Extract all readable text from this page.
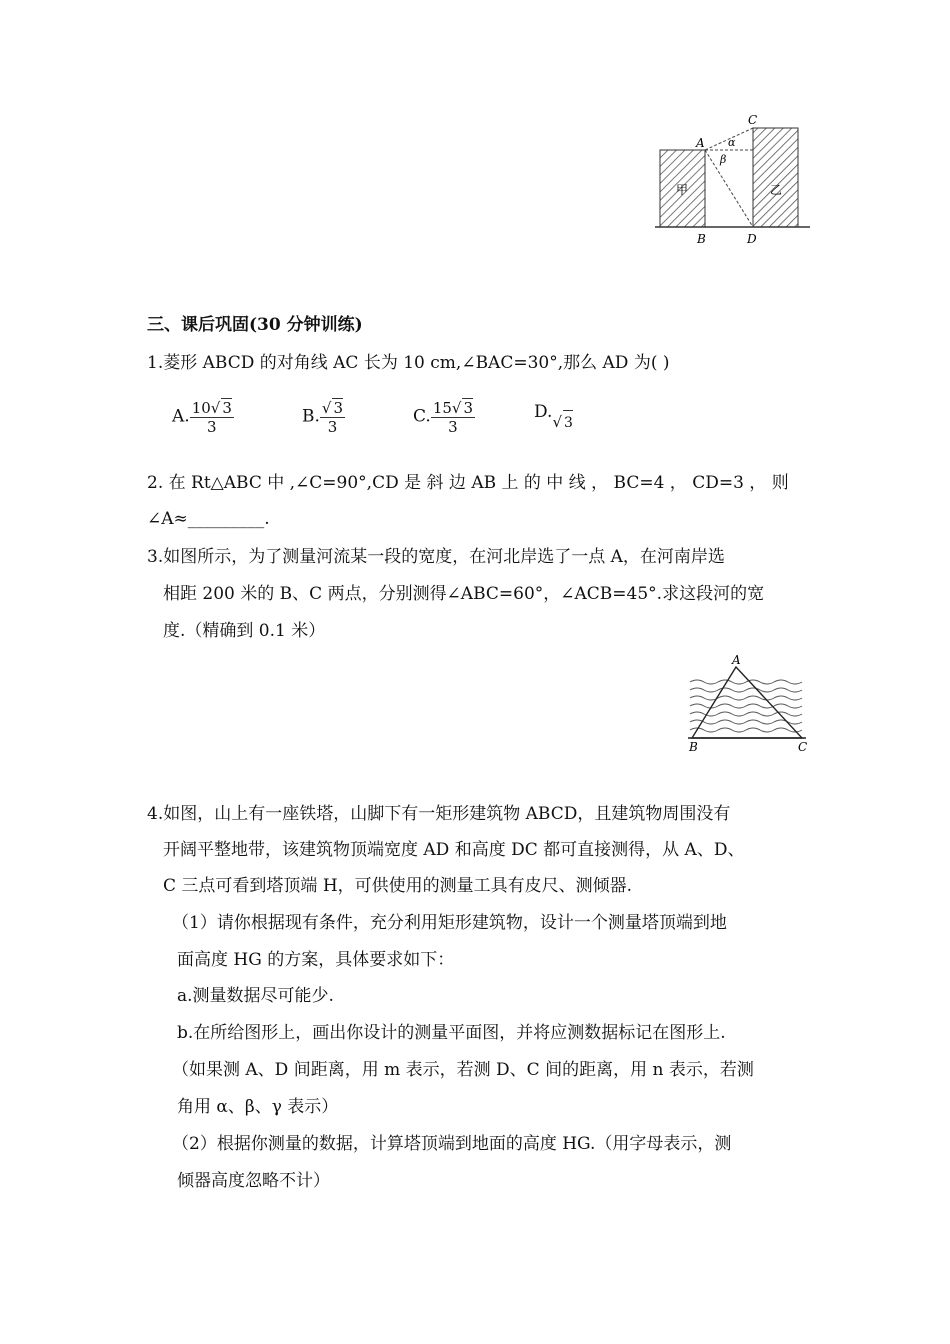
A
C
α
β
甲	乙
B	D
三、课后巩固(30 分钟训练)
1.菱形 ABCD 的对角线 AC 长为 10 cm,∠BAC=30°,那么 AD 为( )
A. $\frac{10√ 3}{3}$	B. $\frac{√ 3}{3}$	C. $\frac{15√ 3}{3}$	$D._{√ 3}$
2. 在 Rt△ABC 中 ,∠C=90°,CD 是 斜 边 AB 上 的 中 线 ， BC=4 ， CD=3 ， 则
∠A≈_________.
3.如图所示，为了测量河流某一段的宽度，在河北岸选了一点 A，在河南岸选
相距 200 米的 B、C 两点，分别测得∠ABC=60°，∠ACB=45°.求这段河的宽
度.（精确到 0.1 米）
A
B	C
4.如图，山上有一座铁塔，山脚下有一矩形建筑物 ABCD，且建筑物周围没有
开阔平整地带，该建筑物顶端宽度 AD 和高度 DC 都可直接测得，从 A、D、
C 三点可看到塔顶端 H，可供使用的测量工具有皮尺、测倾器.
（1）请你根据现有条件，充分利用矩形建筑物，设计一个测量塔顶端到地
面高度 HG 的方案，具体要求如下：
a.测量数据尽可能少.
b.在所给图形上，画出你设计的测量平面图，并将应测数据标记在图形上.
（如果测 A、D 间距离，用 m 表示，若测 D、C 间的距离，用 n 表示，若测
角用 α、β、γ 表示）
（2）根据你测量的数据，计算塔顶端到地面的高度 HG.（用字母表示，测
倾器高度忽略不计）
